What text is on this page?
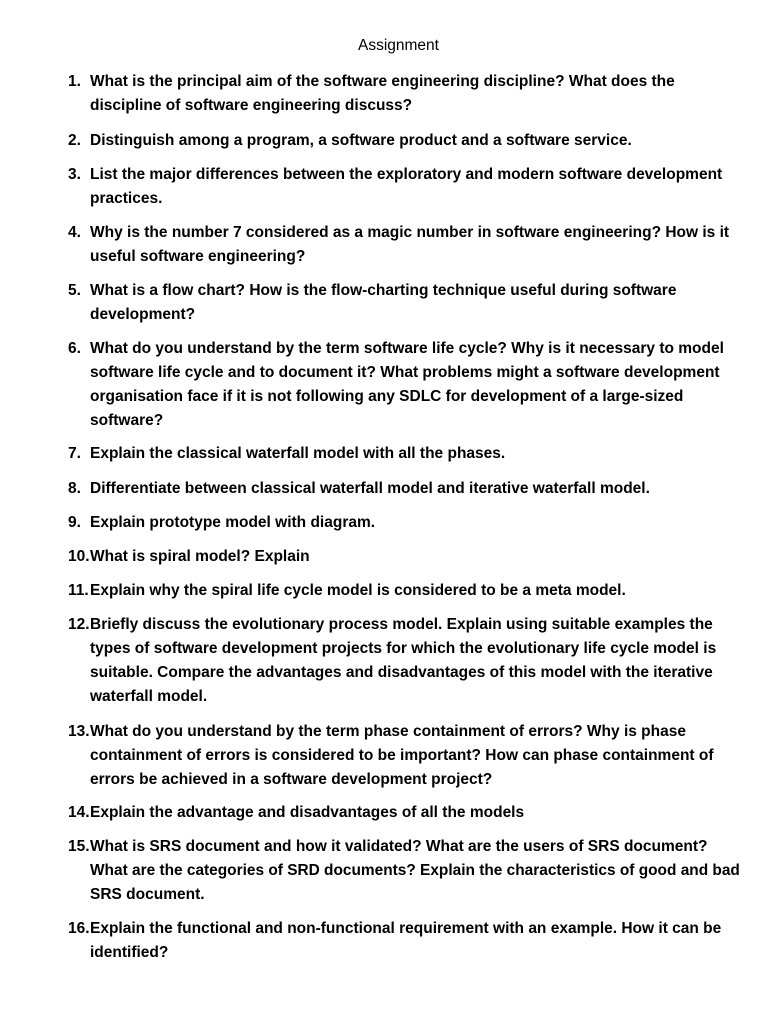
Assignment
1. What is the principal aim of the software engineering discipline? What does the
discipline of software engineering discuss?
2. Distinguish among a program, a software product and a software service.
3. List the major differences between the exploratory and modern software development
practices.
4. Why is the number 7 considered as a magic number in software engineering? How is it
useful software engineering?
5. What is a flow chart? How is the flow-charting technique useful during software
development?
6. What do you understand by the term software life cycle? Why is it necessary to model
software life cycle and to document it? What problems might a software development
organisation face if it is not following any SDLC for development of a large-sized
software?
7. Explain the classical waterfall model with all the phases.
8. Differentiate between classical waterfall model and iterative waterfall model.
9. Explain prototype model with diagram.
10. What is spiral model? Explain
11. Explain why the spiral life cycle model is considered to be a meta model.
12. Briefly discuss the evolutionary process model. Explain using suitable examples the
types of software development projects for which the evolutionary life cycle model is
suitable. Compare the advantages and disadvantages of this model with the iterative
waterfall model.
13. What do you understand by the term phase containment of errors? Why is phase
containment of errors is considered to be important? How can phase containment of
errors be achieved in a software development project?
14. Explain the advantage and disadvantages of all the models
15. What is SRS document and how it validated? What are the users of SRS document?
What are the categories of SRD documents? Explain the characteristics of good and bad
SRS document.
16. Explain the functional and non-functional requirement with an example. How it can be
identified?
